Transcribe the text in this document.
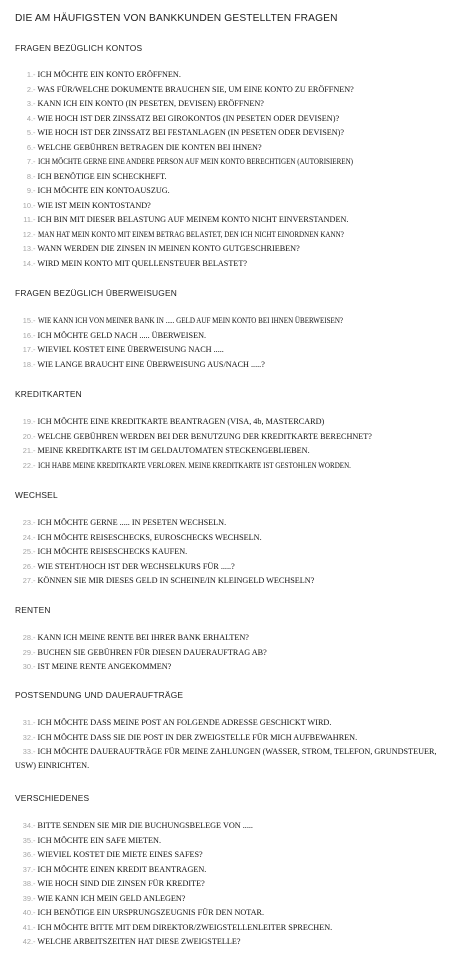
DIE AM HÄUFIGSTEN VON BANKKUNDEN GESTELLTEN FRAGEN
FRAGEN BEZÜGLICH KONTOS
1.- ICH MÖCHTE EIN KONTO ERÖFFNEN.
2.- WAS FÜR/WELCHE DOKUMENTE BRAUCHEN SIE, UM EINE KONTO ZU ERÖFFNEN?
3.- KANN ICH EIN KONTO (IN PESETEN, DEVISEN) ERÖFFNEN?
4.- WIE HOCH IST DER ZINSSATZ BEI GIROKONTOS (IN PESETEN ODER DEVISEN)?
5.- WIE HOCH IST DER ZINSSATZ BEI FESTANLAGEN (IN PESETEN ODER DEVISEN)?
6.- WELCHE GEBÜHREN BETRAGEN DIE KONTEN BEI IHNEN?
7.- ICH MÖCHTE GERNE EINE ANDERE PERSON AUF MEIN KONTO BERECHTIGEN (AUTORISIEREN)
8.- ICH BENÖTIGE EIN SCHECKHEFT.
9.- ICH MÖCHTE EIN KONTOAUSZUG.
10.- WIE IST MEIN KONTOSTAND?
11.- ICH BIN MIT DIESER BELASTUNG AUF MEINEM KONTO NICHT EINVERSTANDEN.
12.- MAN HAT MEIN KONTO MIT EINEM BETRAG BELASTET, DEN ICH NICHT EINORDNEN KANN?
13.- WANN WERDEN DIE ZINSEN IN MEINEN KONTO GUTGESCHRIEBEN?
14.- WIRD MEIN KONTO MIT QUELLENSTEUER BELASTET?
FRAGEN BEZÜGLICH ÜBERWEISUGEN
15.- WIE KANN ICH VON MEINER BANK IN ..... GELD AUF MEIN KONTO BEI IHNEN ÜBERWEISEN?
16.- ICH MÖCHTE GELD NACH ..... ÜBERWEISEN.
17.- WIEVIEL KOSTET EINE ÜBERWEISUNG NACH .....
18.- WIE LANGE BRAUCHT EINE ÜBERWEISUNG AUS/NACH .....?
KREDITKARTEN
19.- ICH MÖCHTE EINE KREDITKARTE BEANTRAGEN (VISA, 4b, MASTERCARD)
20.- WELCHE GEBÜHREN WERDEN BEI DER BENUTZUNG DER KREDITKARTE BERECHNET?
21.- MEINE KREDITKARTE IST IM GELDAUTOMATEN STECKENGEBLIEBEN.
22.- ICH HABE MEINE KREDITKARTE VERLOREN. MEINE KREDITKARTE IST GESTOHLEN WORDEN.
WECHSEL
23.- ICH MÖCHTE GERNE ..... IN PESETEN WECHSELN.
24.- ICH MÖCHTE REISESCHECKS, EUROSCHECKS WECHSELN.
25.- ICH MÖCHTE REISESCHECKS KAUFEN.
26.- WIE STEHT/HOCH IST DER WECHSELKURS FÜR .....?
27.- KÖNNEN SIE MIR DIESES GELD IN SCHEINE/IN KLEINGELD WECHSELN?
RENTEN
28.- KANN ICH MEINE RENTE BEI IHRER BANK ERHALTEN?
29.- BUCHEN SIE GEBÜHREN FÜR DIESEN DAUERAUFTRAG AB?
30.- IST MEINE RENTE ANGEKOMMEN?
POSTSENDUNG UND DAUERAUFTRÄGE
31.- ICH MÖCHTE DASS MEINE POST AN FOLGENDE ADRESSE GESCHICKT WIRD.
32.- ICH MÖCHTE DASS SIE DIE POST IN DER ZWEIGSTELLE FÜR MICH AUFBEWAHREN.
33.- ICH MÖCHTE DAUERAUFTRÄGE FÜR MEINE ZAHLUNGEN (WASSER, STROM, TELEFON, GRUNDSTEUER, USW) EINRICHTEN.
VERSCHIEDENES
34.- BITTE SENDEN SIE MIR DIE BUCHUNGSBELEGE VON .....
35.- ICH MÖCHTE EIN SAFE MIETEN.
36.- WIEVIEL KOSTET DIE MIETE EINES SAFES?
37.- ICH MÖCHTE EINEN KREDIT BEANTRAGEN.
38.- WIE HOCH SIND DIE ZINSEN FÜR KREDITE?
39.- WIE KANN ICH MEIN GELD ANLEGEN?
40.- ICH BENÖTIGE EIN URSPRUNGSZEUGNIS FÜR DEN NOTAR.
41.- ICH MÖCHTE BITTE MIT DEM DIREKTOR/ZWEIGSTELLENLEITER SPRECHEN.
42.- WELCHE ARBEITSZEITEN HAT DIESE ZWEIGSTELLE?
